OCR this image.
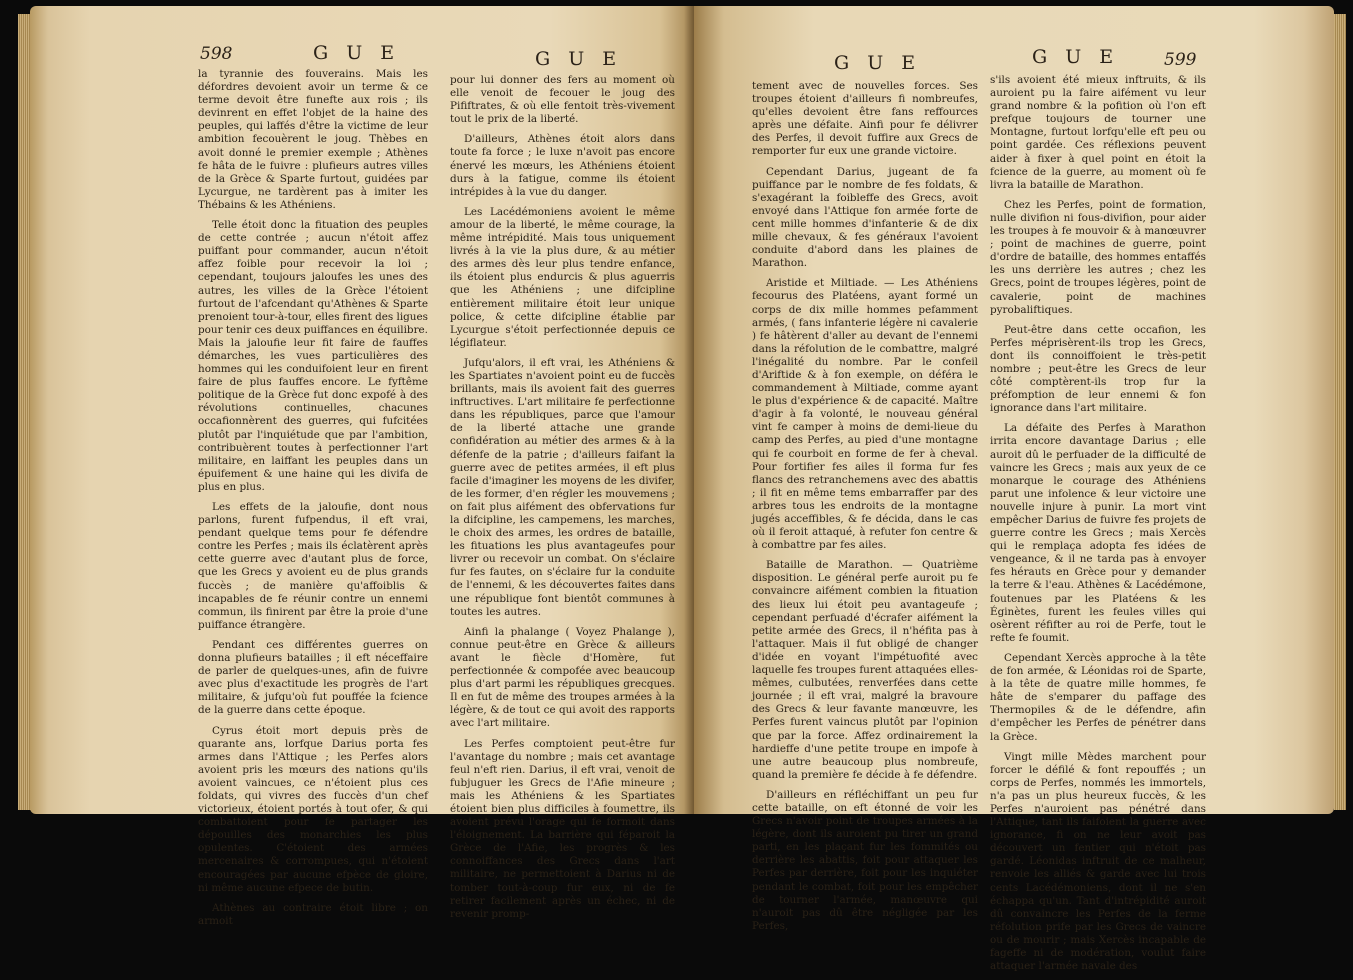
598	G U E	G U E

la tyrannie des fouverains. Mais les défordres devoient avoir un terme & ce terme devoit être funefte aux rois ; ils devinrent en effet l'objet de la haine des peuples, qui laffés d'être la victime de leur ambition fecouèrent le joug. Thèbes en avoit donné le premier exemple ; Athènes fe hâta de le fuivre : plufieurs autres villes de la Grèce & Sparte furtout, guidées par Lycurgue, ne tardèrent pas à imiter les Thébains & les Athéniens.

Telle étoit donc la fituation des peuples de cette contrée ; aucun n'étoit affez puiffant pour commander, aucun n'étoit affez foible pour recevoir la loi ; cependant, toujours jaloufes les unes des autres, les villes de la Grèce l'étoient furtout de l'afcendant qu'Athènes & Sparte prenoient tour-à-tour, elles firent des ligues pour tenir ces deux puiffances en équilibre. Mais la jaloufie leur fit faire de fauffes démarches, les vues particulières des hommes qui les conduifoient leur en firent faire de plus fauffes encore. Le fyftême politique de la Grèce fut donc expofé à des révolutions continuelles, chacunes occafionnèrent des guerres, qui fufcitées plutôt par l'inquiétude que par l'ambition, contribuèrent toutes à perfectionner l'art militaire, en laiffant les peuples dans un épuifement & une haine qui les divifa de plus en plus.

Les effets de la jaloufie, dont nous parlons, furent fufpendus, il eft vrai, pendant quelque tems pour fe défendre contre les Perfes ; mais ils éclatèrent après cette guerre avec d'autant plus de force, que les Grecs y avoient eu de plus grands fuccès ; de manière qu'affoiblis & incapables de fe réunir contre un ennemi commun, ils finirent par être la proie d'une puiffance étrangère.

Pendant ces différentes guerres on donna plufieurs batailles ; il eft néceffaire de parler de quelques-unes, afin de fuivre avec plus d'exactitude les progrès de l'art militaire, & jufqu'où fut pouffée la fcience de la guerre dans cette époque.

Cyrus étoit mort depuis près de quarante ans, lorfque Darius porta fes armes dans l'Attique ; les Perfes alors avoient pris les mœurs des nations qu'ils avoient vaincues, ce n'étoient plus ces foldats, qui vivres des fuccès d'un chef victorieux, étoient portés à tout ofer, & qui combattoient pour fe partager les dépouilles des monarchies les plus opulentes. C'étoient des armées mercenaires & corrompues, qui n'étoient encouragées par aucune efpèce de gloire, ni même aucune efpece de butin.

Athènes au contraire étoit libre ; on armoit

pour lui donner des fers au moment où elle venoit de fecouer le joug des Pififtrates, & où elle fentoit très-vivement tout le prix de la liberté.

D'ailleurs, Athènes étoit alors dans toute fa force ; le luxe n'avoit pas encore énervé les mœurs, les Athéniens étoient durs à la fatigue, comme ils étoient intrépides à la vue du danger.

Les Lacédémoniens avoient le même amour de la liberté, le même courage, la même intrépidité. Mais tous uniquement livrés à la vie la plus dure, & au métier des armes dès leur plus tendre enfance, ils étoient plus endurcis & plus aguerris que les Athéniens ; une difcipline entièrement militaire étoit leur unique police, & cette difcipline établie par Lycurgue s'étoit perfectionnée depuis ce légiflateur.

Jufqu'alors, il eft vrai, les Athéniens & les Spartiates n'avoient point eu de fuccès brillants, mais ils avoient fait des guerres inftructives. L'art militaire fe perfectionne dans les républiques, parce que l'amour de la liberté attache une grande confidération au métier des armes & à la défenfe de la patrie ; d'ailleurs faifant la guerre avec de petites armées, il eft plus facile d'imaginer les moyens de les divifer, de les former, d'en régler les mouvemens ; on fait plus aifément des obfervations fur la difcipline, les campemens, les marches, le choix des armes, les ordres de bataille, les fituations les plus avantageufes pour livrer ou recevoir un combat. On s'éclaire fur fes fautes, on s'éclaire fur la conduite de l'ennemi, & les découvertes faites dans une république font bientôt communes à toutes les autres.

Ainfi la phalange ( Voyez Phalange ), connue peut-être en Grèce & ailleurs avant le fiècle d'Homère, fut perfectionnée & compofée avec beaucoup plus d'art parmi les républiques grecques. Il en fut de même des troupes armées à la légère, & de tout ce qui avoit des rapports avec l'art militaire.

Les Perfes comptoient peut-être fur l'avantage du nombre ; mais cet avantage feul n'eft rien. Darius, il eft vrai, venoit de fubjuguer les Grecs de l'Afie mineure ; mais les Athéniens & les Spartiates étoient bien plus difficiles à foumettre, ils avoient prévu l'orage qui fe formoit dans l'éloignement. La barrière qui féparoit la Grèce de l'Afie, les progrès & les connoiffances des Grecs dans l'art militaire, ne permettoient à Darius ni de tomber tout-à-coup fur eux, ni de fe retirer facilement après un échec, ni de revenir promp-

G U E	G U E	599

tement avec de nouvelles forces. Ses troupes étoient d'ailleurs fi nombreufes, qu'elles devoient être fans reffources après une défaite. Ainfi pour fe délivrer des Perfes, il devoit fuffire aux Grecs de remporter fur eux une grande victoire.

Cependant Darius, jugeant de fa puiffance par le nombre de fes foldats, & s'exagérant la foibleffe des Grecs, avoit envoyé dans l'Attique fon armée forte de cent mille hommes d'infanterie & de dix mille chevaux, & fes généraux l'avoient conduite d'abord dans les plaines de Marathon.

Aristide et Miltiade. — Les Athéniens fecourus des Platéens, ayant formé un corps de dix mille hommes pefamment armés, ( fans infanterie légère ni cavalerie ) fe hâtèrent d'aller au devant de l'ennemi dans la réfolution de le combattre, malgré l'inégalité du nombre. Par le confeil d'Ariftide & à fon exemple, on déféra le commandement à Miltiade, comme ayant le plus d'expérience & de capacité. Maître d'agir à fa volonté, le nouveau général vint fe camper à moins de demi-lieue du camp des Perfes, au pied d'une montagne qui fe courboit en forme de fer à cheval. Pour fortifier fes ailes il forma fur fes flancs des retranchemens avec des abattis ; il fit en même tems embarraffer par des arbres tous les endroits de la montagne jugés acceffibles, & fe décida, dans le cas où il feroit attaqué, à refuter fon centre & à combattre par fes ailes.

Bataille de Marathon. — Quatrième disposition. Le général perfe auroit pu fe convaincre aifément combien la fituation des lieux lui étoit peu avantageufe ; cependant perfuadé d'écrafer aifément la petite armée des Grecs, il n'héfita pas à l'attaquer. Mais il fut obligé de changer d'idée en voyant l'impétuofité avec laquelle fes troupes furent attaquées elles-mêmes, culbutées, renverfées dans cette journée ; il eft vrai, malgré la bravoure des Grecs & leur favante manœuvre, les Perfes furent vaincus plutôt par l'opinion que par la force. Affez ordinairement la hardieffe d'une petite troupe en impofe à une autre beaucoup plus nombreufe, quand la première fe décide à fe défendre.

D'ailleurs en réfléchiffant un peu fur cette bataille, on eft étonné de voir les Grecs n'avoir point de troupes armées à la légère, dont ils auroient pu tirer un grand parti, en les plaçant fur les fommités ou derrière les abattis, foit pour attaquer les Perfes par derrière, foit pour les inquiéter pendant le combat, foit pour les empêcher de tourner l'armée, manœuvre qui n'auroit pas dû être négligée par les Perfes,

s'ils avoient été mieux inftruits, & ils auroient pu la faire aifément vu leur grand nombre & la pofition où l'on eft prefque toujours de tourner une Montagne, furtout lorfqu'elle eft peu ou point gardée. Ces réflexions peuvent aider à fixer à quel point en étoit la fcience de la guerre, au moment où fe livra la bataille de Marathon.

Chez les Perfes, point de formation, nulle divifion ni fous-divifion, pour aider les troupes à fe mouvoir & à manœuvrer ; point de machines de guerre, point d'ordre de bataille, des hommes entaffés les uns derrière les autres ; chez les Grecs, point de troupes légères, point de cavalerie, point de machines pyrobaliftiques.

Peut-être dans cette occafion, les Perfes méprisèrent-ils trop les Grecs, dont ils connoiffoient le très-petit nombre ; peut-être les Grecs de leur côté comptèrent-ils trop fur la préfomption de leur ennemi & fon ignorance dans l'art militaire.

La défaite des Perfes à Marathon irrita encore davantage Darius ; elle auroit dû le perfuader de la difficulté de vaincre les Grecs ; mais aux yeux de ce monarque le courage des Athéniens parut une infolence & leur victoire une nouvelle injure à punir. La mort vint empêcher Darius de fuivre fes projets de guerre contre les Grecs ; mais Xercès qui le remplaça adopta fes idées de vengeance, & il ne tarda pas à envoyer fes hérauts en Grèce pour y demander la terre & l'eau. Athènes & Lacédémone, foutenues par les Platéens & les Éginètes, furent les feules villes qui osèrent réfifter au roi de Perfe, tout le refte fe foumit.

Cependant Xercès approche à la tête de fon armée, & Léonidas roi de Sparte, à la tête de quatre mille hommes, fe hâte de s'emparer du paffage des Thermopiles & de le défendre, afin d'empêcher les Perfes de pénétrer dans la Grèce.

Vingt mille Mèdes marchent pour forcer le défilé & font repouffés ; un corps de Perfes, nommés les immortels, n'a pas un plus heureux fuccès, & les Perfes n'auroient pas pénétré dans l'Attique, tant ils faifoient la guerre avec ignorance, fi on ne leur avoit pas découvert un fentier qui n'étoit pas gardé. Léonidas inftruit de ce malheur, renvoie les alliés & garde avec lui trois cents Lacédémoniens, dont il ne s'en échappa qu'un. Tant d'intrépidité auroit dû convaincre les Perfes de la ferme réfolution prife par les Grecs de vaincre ou de mourir ; mais Xercès incapable de fageffe ni de modération, voulut faire attaquer l'armée navale des
